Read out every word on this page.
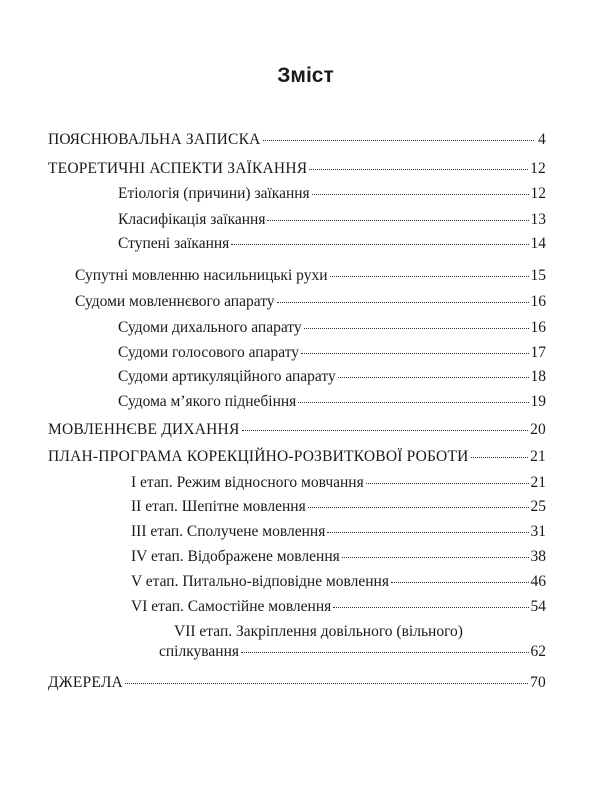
Зміст
ПОЯСНЮВАЛЬНА ЗАПИСКА	4
ТЕОРЕТИЧНІ АСПЕКТИ ЗАЇКАННЯ	12
Етіологія (причини) заїкання	12
Класифікація заїкання	13
Ступені заїкання	14
Супутні мовленню насильницькі рухи	15
Судоми мовленнєвого апарату	16
Судоми дихального апарату	16
Судоми голосового апарату	17
Судоми артикуляційного апарату	18
Судома м’якого піднебіння	19
МОВЛЕННЄВЕ ДИХАННЯ	20
ПЛАН-ПРОГРАМА КОРЕКЦІЙНО-РОЗВИТКОВОЇ РОБОТИ	21
І етап. Режим відносного мовчання	21
ІІ етап. Шепітне мовлення	25
ІІІ етап. Сполучене мовлення	31
IV етап. Відображене мовлення	38
V етап. Питально-відповідне мовлення	46
VI етап. Самостійне мовлення	54
VII етап. Закріплення довільного (вільного)
спілкування	62
ДЖЕРЕЛА	70
